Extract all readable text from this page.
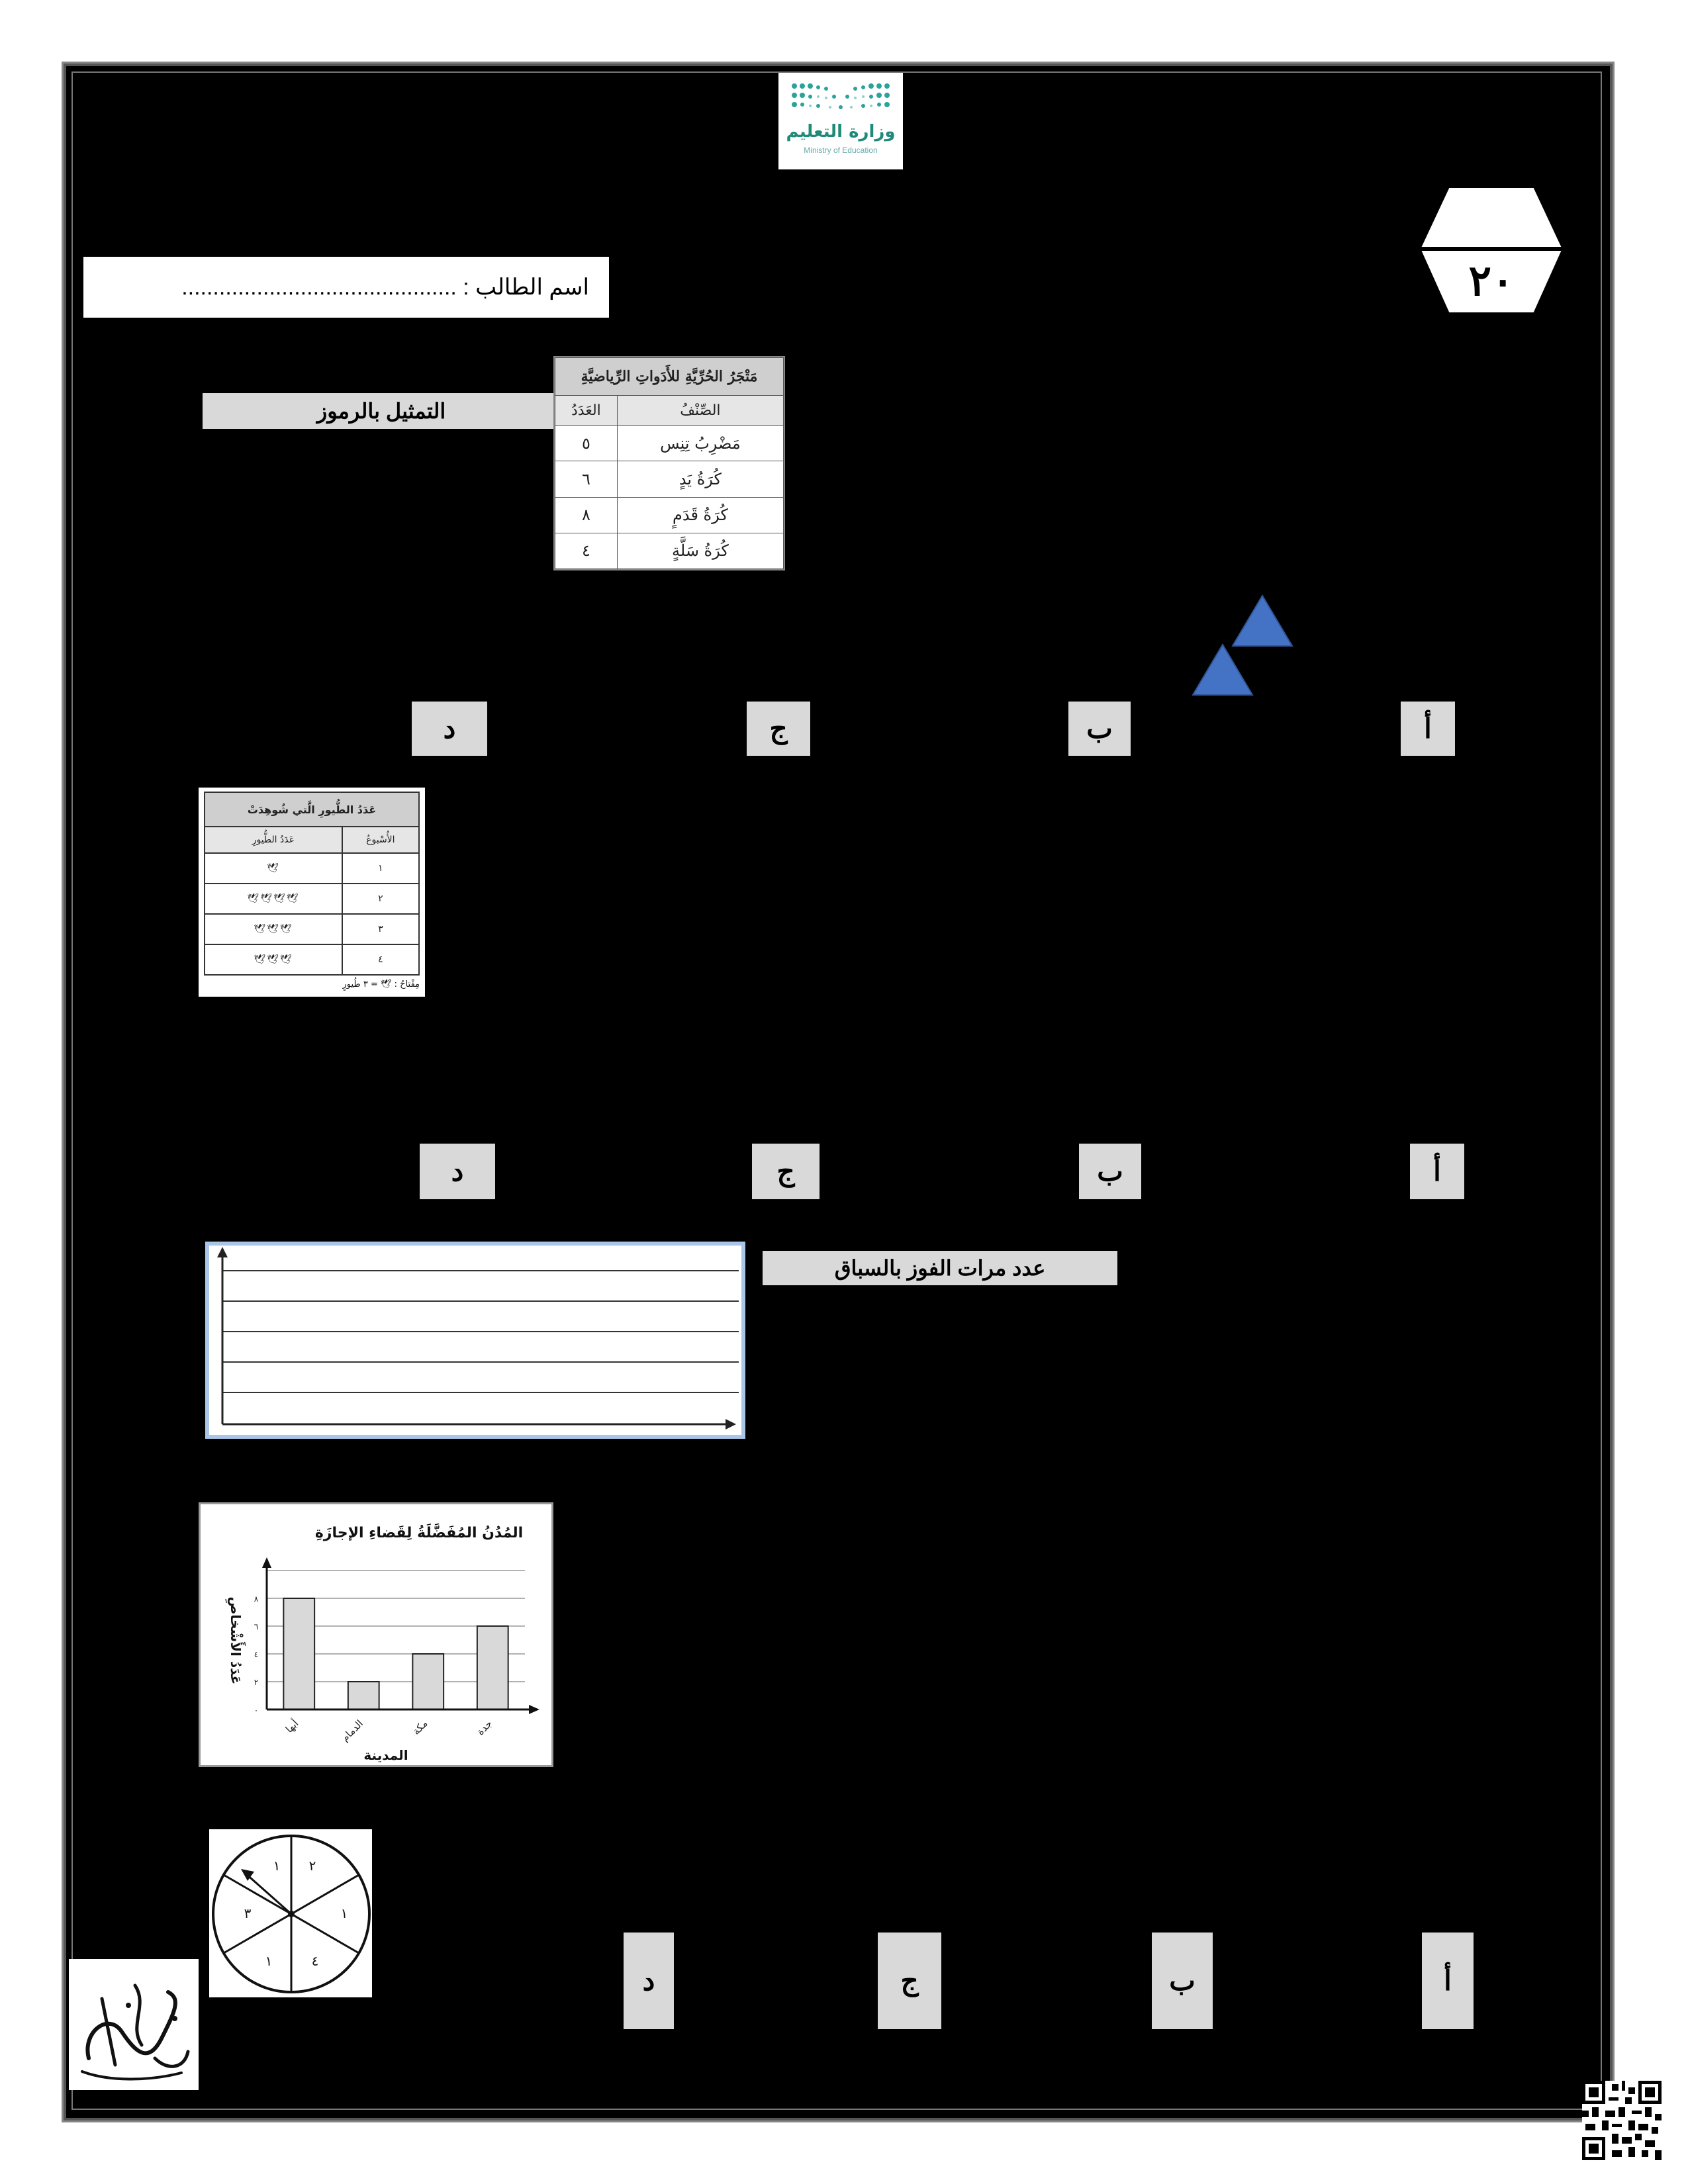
وزارة التعليم
Ministry of Education
٢٠
اسم الطالب : ............................................
التمثيل بالرموز
مَتْجَرُ الحُرِّيَّةِ للأَدَواتِ الرِّياضيَّةِ	
الصِّنْفُ	العَدَدُ
مَضْرِبُ تِنِس	٥
كُرَةُ يَدٍ	٦
كُرَةُ قَدَمٍ	٨
كُرَةُ سَلَّةٍ	٤
أ
ب
ج
د
عَدَدُ الطُّيورِ الَّتي شُوهِدَتْ	
الأُسْبوعُ	عَدَدُ الطُّيورِ
١	🕊
٢	🕊🕊🕊🕊
٣	🕊🕊🕊
٤	🕊🕊🕊
مِفْتاحُ : 🕊 = ٣ طُيورٍ
أ
ب
ج
د
عدد مرات الفوز بالسباق
المُدُنُ المُفَضَّلَةُ لِقَضاءِ الإجازَةِ
٠
٢
٤
٦
٨
أبها	الدمام	مكة	جدة
المدينة
عَدَدُ الأَشْخاصِ
٢
١
١
٤
١
٣
أ
ب
ج
د
